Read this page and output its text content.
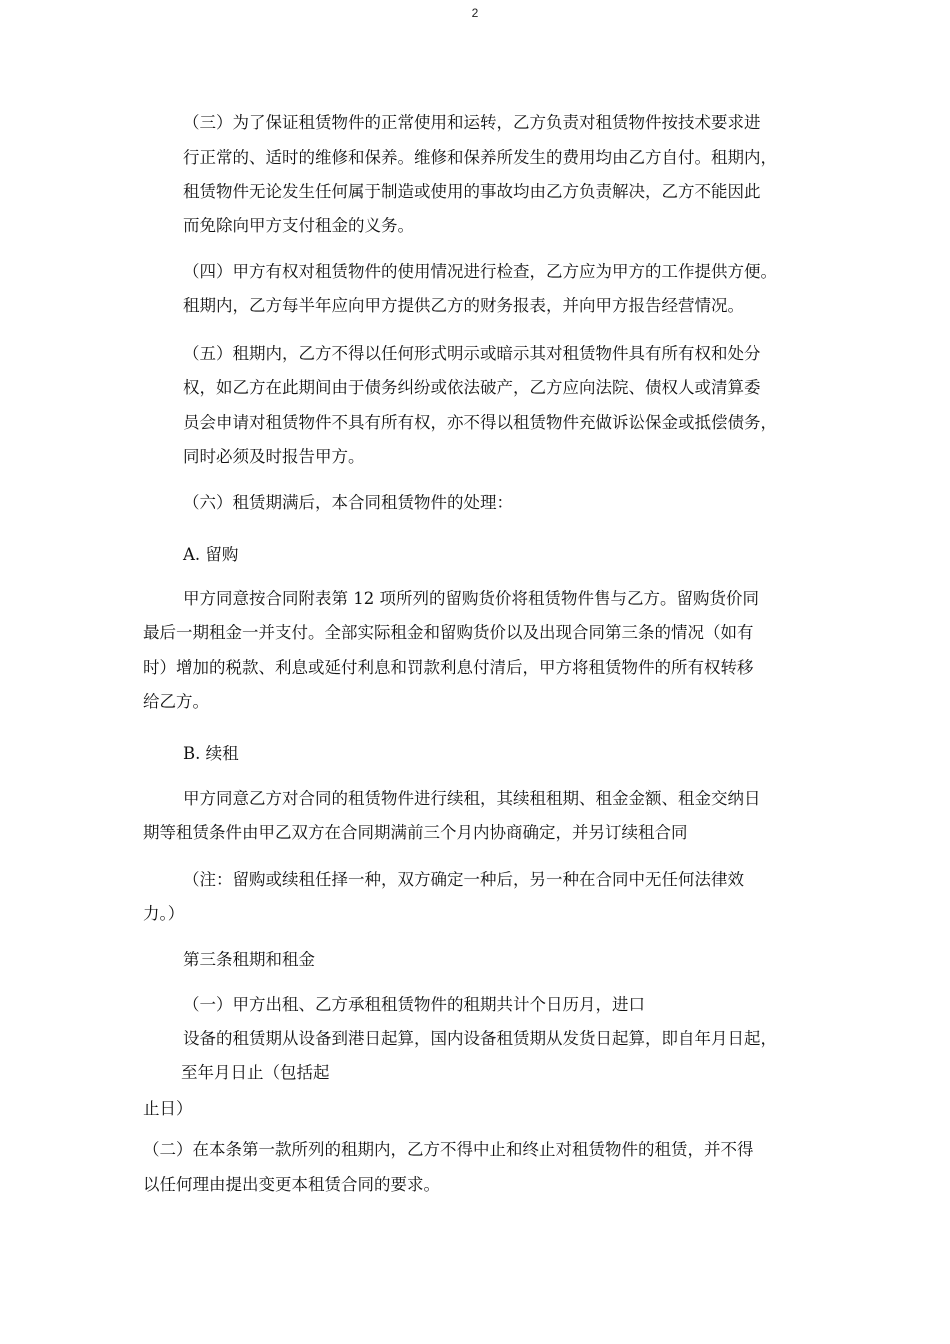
2
（三）为了保证租赁物件的正常使用和运转，乙方负责对租赁物件按技术要求进
行正常的、适时的维修和保养。维修和保养所发生的费用均由乙方自付。租期内，
租赁物件无论发生任何属于制造或使用的事故均由乙方负责解决，乙方不能因此
而免除向甲方支付租金的义务。
（四）甲方有权对租赁物件的使用情况进行检查，乙方应为甲方的工作提供方便。
租期内，乙方每半年应向甲方提供乙方的财务报表，并向甲方报告经营情况。
（五）租期内，乙方不得以任何形式明示或暗示其对租赁物件具有所有权和处分
权，如乙方在此期间由于债务纠纷或依法破产，乙方应向法院、债权人或清算委
员会申请对租赁物件不具有所有权，亦不得以租赁物件充做诉讼保金或抵偿债务，
同时必须及时报告甲方。
（六）租赁期满后，本合同租赁物件的处理：
A. 留购
甲方同意按合同附表第 12 项所列的留购货价将租赁物件售与乙方。留购货价同
最后一期租金一并支付。全部实际租金和留购货价以及出现合同第三条的情况（如有
时）增加的税款、利息或延付利息和罚款利息付清后，甲方将租赁物件的所有权转移
给乙方。
B. 续租
甲方同意乙方对合同的租赁物件进行续租，其续租租期、租金金额、租金交纳日
期等租赁条件由甲乙双方在合同期满前三个月内协商确定，并另订续租合同
（注：留购或续租任择一种，双方确定一种后，另一种在合同中无任何法律效
力。）
第三条租期和租金
（一）甲方出租、乙方承租租赁物件的租期共计个日历月，进口
设备的租赁期从设备到港日起算，国内设备租赁期从发货日起算，即自年月日起，
至年月日止（包括起
止日）
（二）在本条第一款所列的租期内，乙方不得中止和终止对租赁物件的租赁，并不得
以任何理由提出变更本租赁合同的要求。
